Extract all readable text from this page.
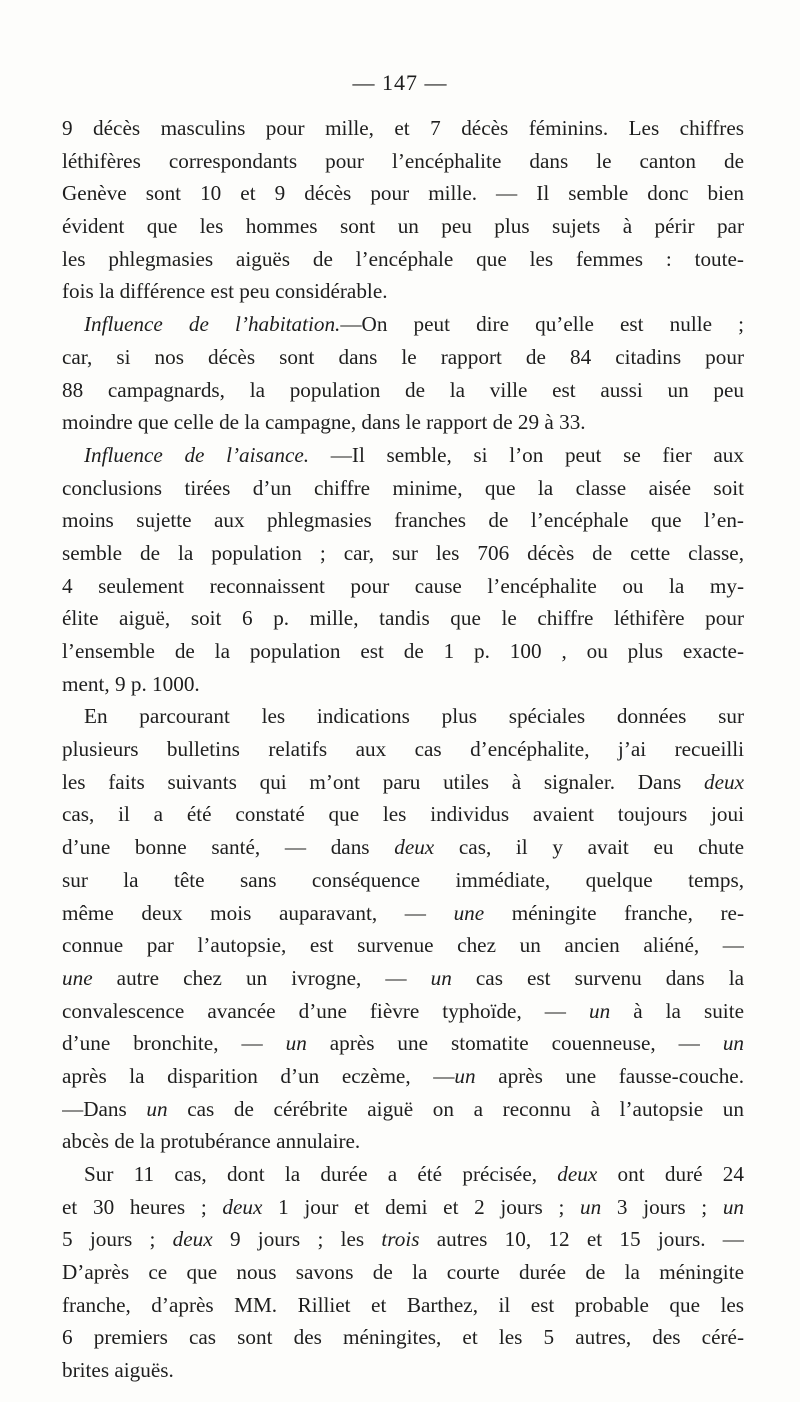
— 147 —
9 décès masculins pour mille, et 7 décès féminins. Les chiffres
léthifères correspondants pour l’encéphalite dans le canton de
Genève sont 10 et 9 décès pour mille. — Il semble donc bien
évident que les hommes sont un peu plus sujets à périr par
les phlegmasies aiguës de l’encéphale que les femmes : toute-
fois la différence est peu considérable.
Influence de l’habitation.—On peut dire qu’elle est nulle ;
car, si nos décès sont dans le rapport de 84 citadins pour
88 campagnards, la population de la ville est aussi un peu
moindre que celle de la campagne, dans le rapport de 29 à 33.
Influence de l’aisance. —Il semble, si l’on peut se fier aux
conclusions tirées d’un chiffre minime, que la classe aisée soit
moins sujette aux phlegmasies franches de l’encéphale que l’en-
semble de la population ; car, sur les 706 décès de cette classe,
4 seulement reconnaissent pour cause l’encéphalite ou la my-
élite aiguë, soit 6 p. mille, tandis que le chiffre léthifère pour
l’ensemble de la population est de 1 p. 100 , ou plus exacte-
ment, 9 p. 1000.
En parcourant les indications plus spéciales données sur
plusieurs bulletins relatifs aux cas d’encéphalite, j’ai recueilli
les faits suivants qui m’ont paru utiles à signaler. Dans deux
cas, il a été constaté que les individus avaient toujours joui
d’une bonne santé, — dans deux cas, il y avait eu chute
sur la tête sans conséquence immédiate, quelque temps,
même deux mois auparavant, — une méningite franche, re-
connue par l’autopsie, est survenue chez un ancien aliéné, —
une autre chez un ivrogne, — un cas est survenu dans la
convalescence avancée d’une fièvre typhoïde, — un à la suite
d’une bronchite, — un après une stomatite couenneuse, — un
après la disparition d’un eczème, —un après une fausse-couche.
—Dans un cas de cérébrite aiguë on a reconnu à l’autopsie un
abcès de la protubérance annulaire.
Sur 11 cas, dont la durée a été précisée, deux ont duré 24
et 30 heures ; deux 1 jour et demi et 2 jours ; un 3 jours ; un
5 jours ; deux 9 jours ; les trois autres 10, 12 et 15 jours. —
D’après ce que nous savons de la courte durée de la méningite
franche, d’après MM. Rilliet et Barthez, il est probable que les
6 premiers cas sont des méningites, et les 5 autres, des céré-
brites aiguës.
